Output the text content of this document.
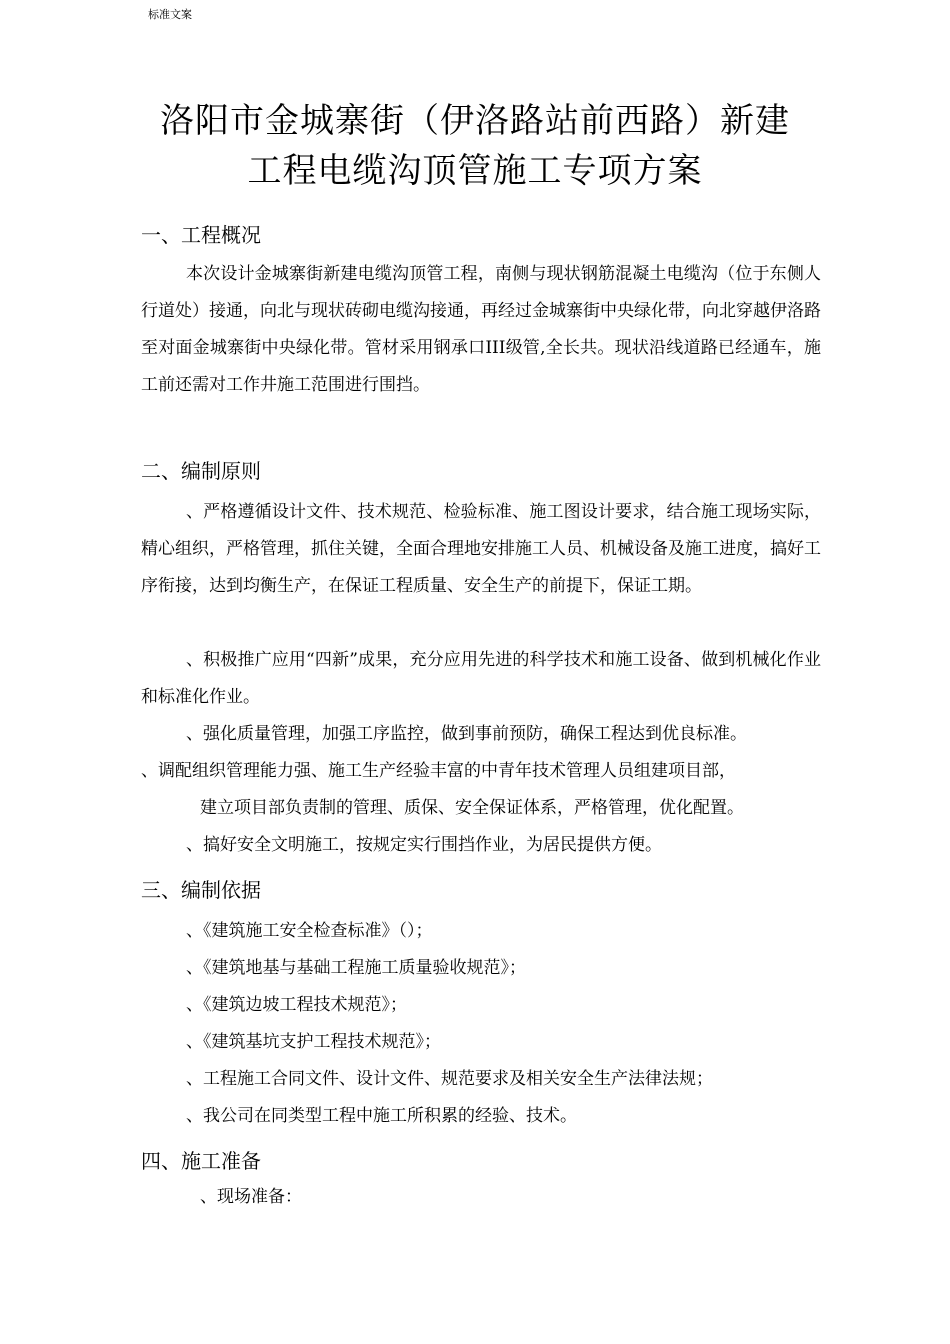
标准文案
洛阳市金城寨街（伊洛路站前西路）新建
工程电缆沟顶管施工专项方案
一、工程概况
本次设计金城寨街新建电缆沟顶管工程，南侧与现状钢筋混凝土电缆沟（位于东侧人行道处）接通，向北与现状砖砌电缆沟接通，再经过金城寨街中央绿化带，向北穿越伊洛路至对面金城寨街中央绿化带。管材采用钢承口III级管,全长共。现状沿线道路已经通车，施工前还需对工作井施工范围进行围挡。
二、编制原则
、严格遵循设计文件、技术规范、检验标准、施工图设计要求，结合施工现场实际，精心组织，严格管理，抓住关键，全面合理地安排施工人员、机械设备及施工进度，搞好工序衔接，达到均衡生产，在保证工程质量、安全生产的前提下，保证工期。
、积极推广应用“四新”成果，充分应用先进的科学技术和施工设备、做到机械化作业和标准化作业。
、强化质量管理，加强工序监控，做到事前预防，确保工程达到优良标准。
、调配组织管理能力强、施工生产经验丰富的中青年技术管理人员组建项目部，
建立项目部负责制的管理、质保、安全保证体系，严格管理，优化配置。
、搞好安全文明施工，按规定实行围挡作业，为居民提供方便。
三、编制依据
、《建筑施工安全检查标准》（）；
、《建筑地基与基础工程施工质量验收规范》；
、《建筑边坡工程技术规范》；
、《建筑基坑支护工程技术规范》；
、工程施工合同文件、设计文件、规范要求及相关安全生产法律法规；
、我公司在同类型工程中施工所积累的经验、技术。
四、施工准备
、现场准备：
